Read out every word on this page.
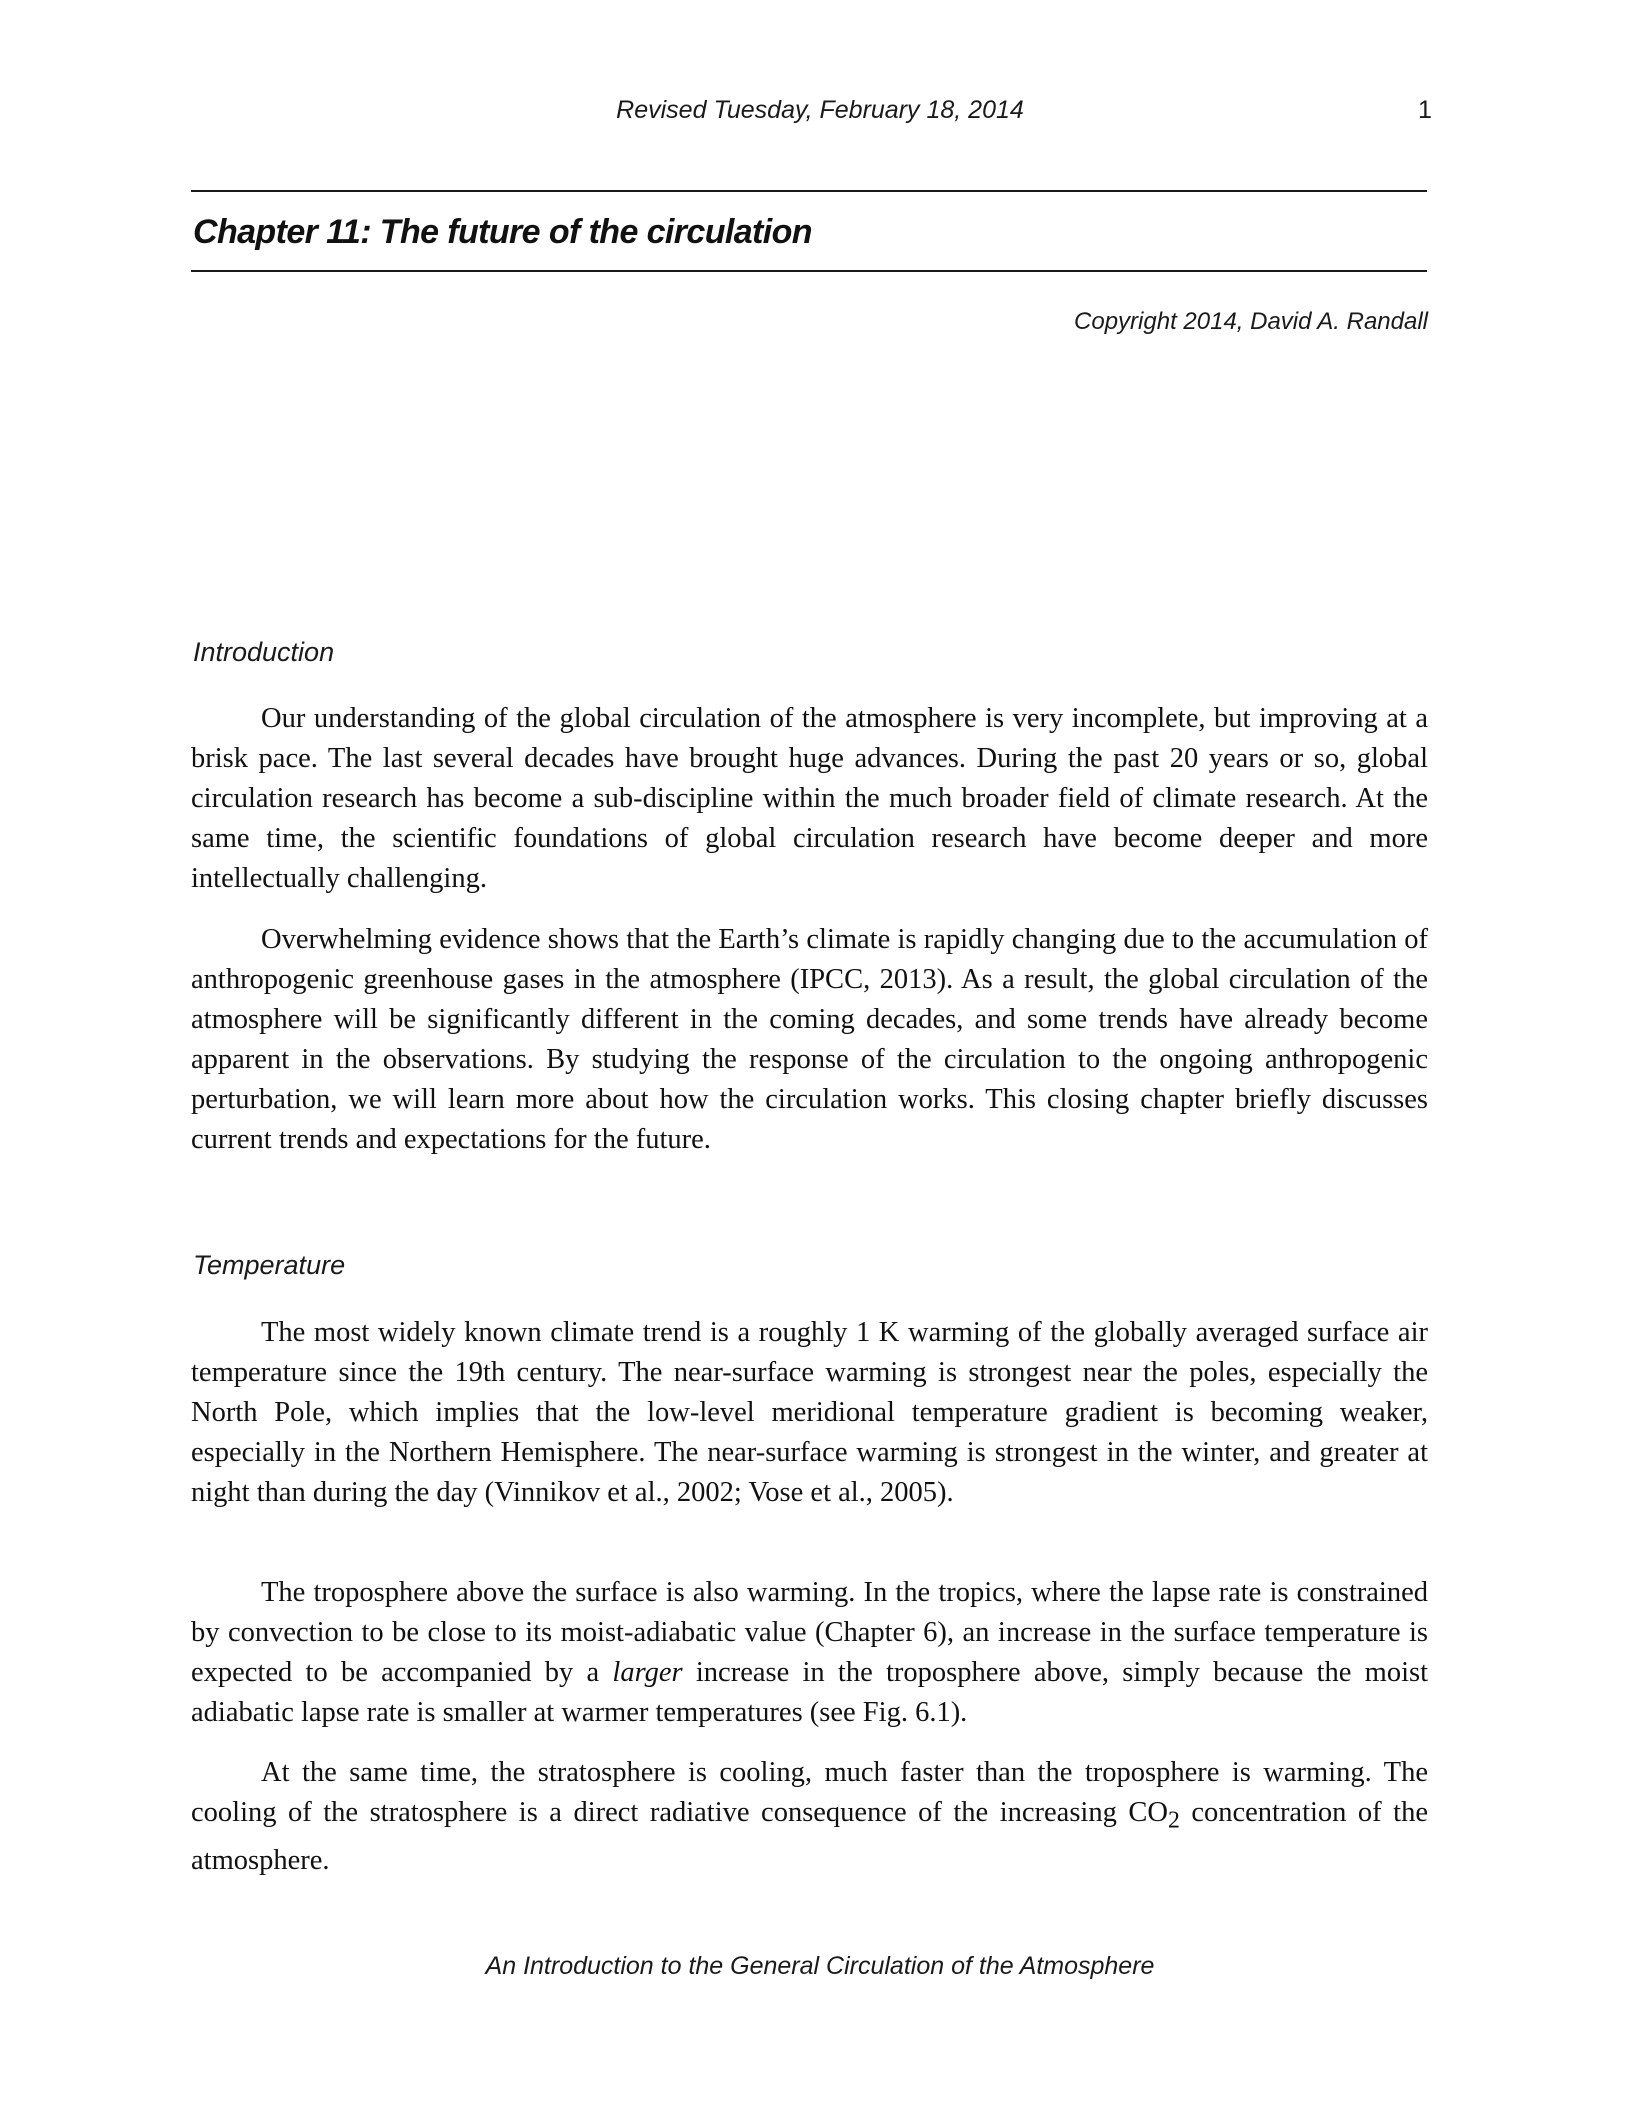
Revised Tuesday, February 18, 2014	1
Chapter 11: The future of the circulation
Copyright 2014, David A. Randall
Introduction

Our understanding of the global circulation of the atmosphere is very incomplete, but improving at a brisk pace. The last several decades have brought huge advances. During the past 20 years or so, global circulation research has become a sub-discipline within the much broader field of climate research. At the same time, the scientific foundations of global circulation research have become deeper and more intellectually challenging.

Overwhelming evidence shows that the Earth’s climate is rapidly changing due to the accumulation of anthropogenic greenhouse gases in the atmosphere (IPCC, 2013). As a result, the global circulation of the atmosphere will be significantly different in the coming decades, and some trends have already become apparent in the observations. By studying the response of the circulation to the ongoing anthropogenic perturbation, we will learn more about how the circulation works. This closing chapter briefly discusses current trends and expectations for the future.

Temperature

The most widely known climate trend is a roughly 1 K warming of the globally averaged surface air temperature since the 19th century. The near-surface warming is strongest near the poles, especially the North Pole, which implies that the low-level meridional temperature gradient is becoming weaker, especially in the Northern Hemisphere. The near-surface warming is strongest in the winter, and greater at night than during the day (Vinnikov et al., 2002; Vose et al., 2005).

The troposphere above the surface is also warming. In the tropics, where the lapse rate is constrained by convection to be close to its moist-adiabatic value (Chapter 6), an increase in the surface temperature is expected to be accompanied by a larger increase in the troposphere above, simply because the moist adiabatic lapse rate is smaller at warmer temperatures (see Fig. 6.1).

At the same time, the stratosphere is cooling, much faster than the troposphere is warming. The cooling of the stratosphere is a direct radiative consequence of the increasing $CO_2$ concentration of the atmosphere.

An Introduction to the General Circulation of the Atmosphere
